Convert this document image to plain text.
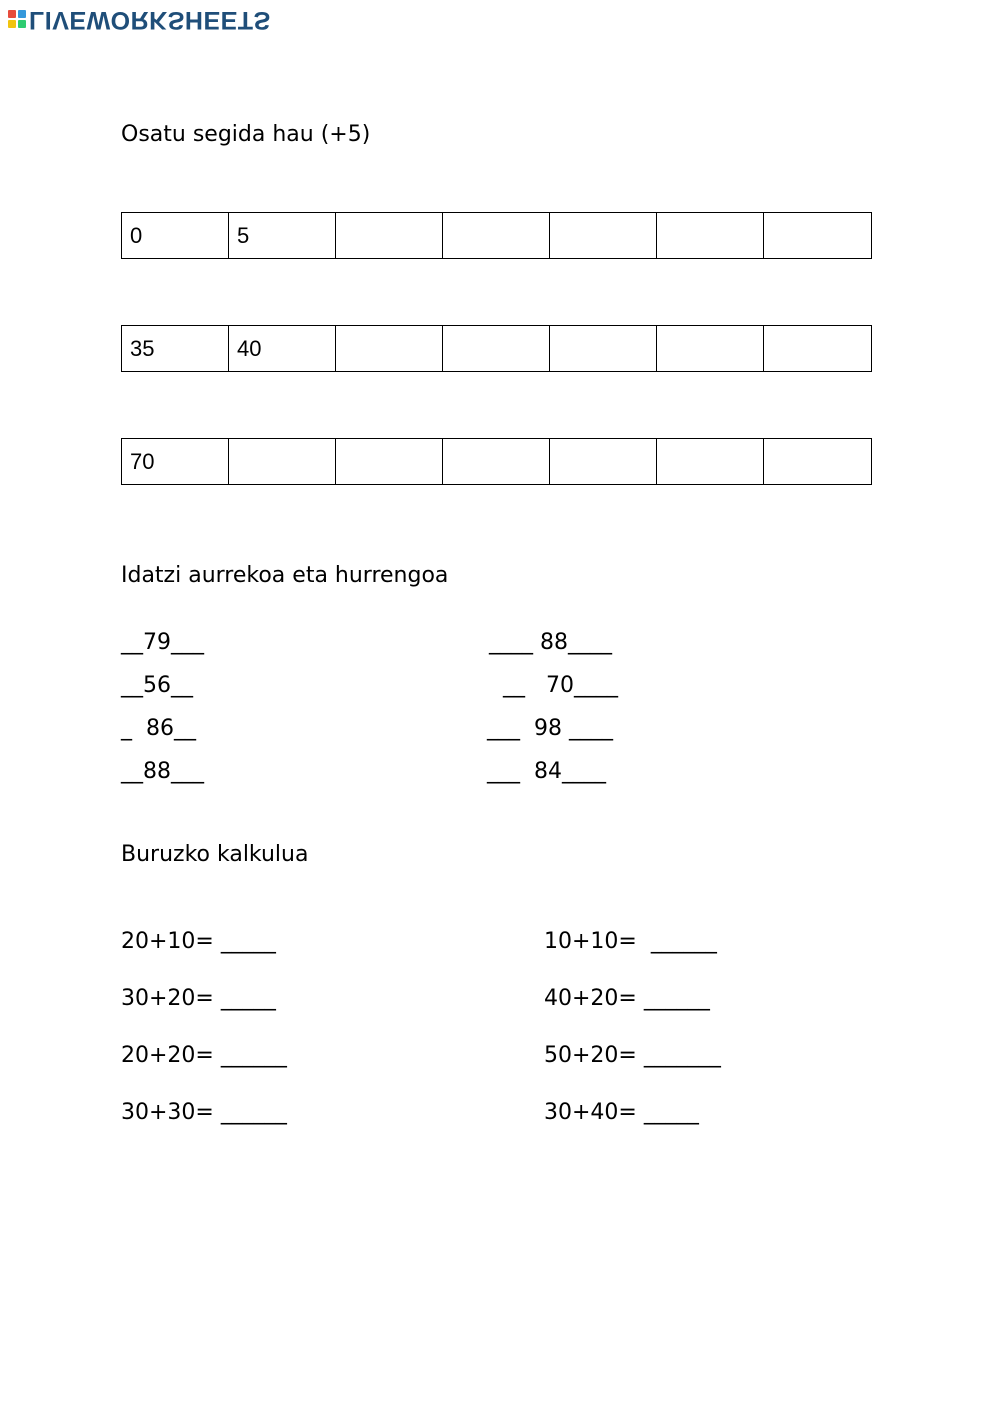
LIVEWORKSHEETS

Osatu segida hau (+5)

0	5
35	40
70

Idatzi aurrekoa eta hurrengoa

__79___

__56__

_  86__

__88___

____ 88____

__   70____

___  98 ____

___  84____

Buruzko kalkulua

20+10= _____

30+20= _____

20+20= ______

30+30= ______

10+10=  ______

40+20= ______

50+20= _______

30+40= _____
